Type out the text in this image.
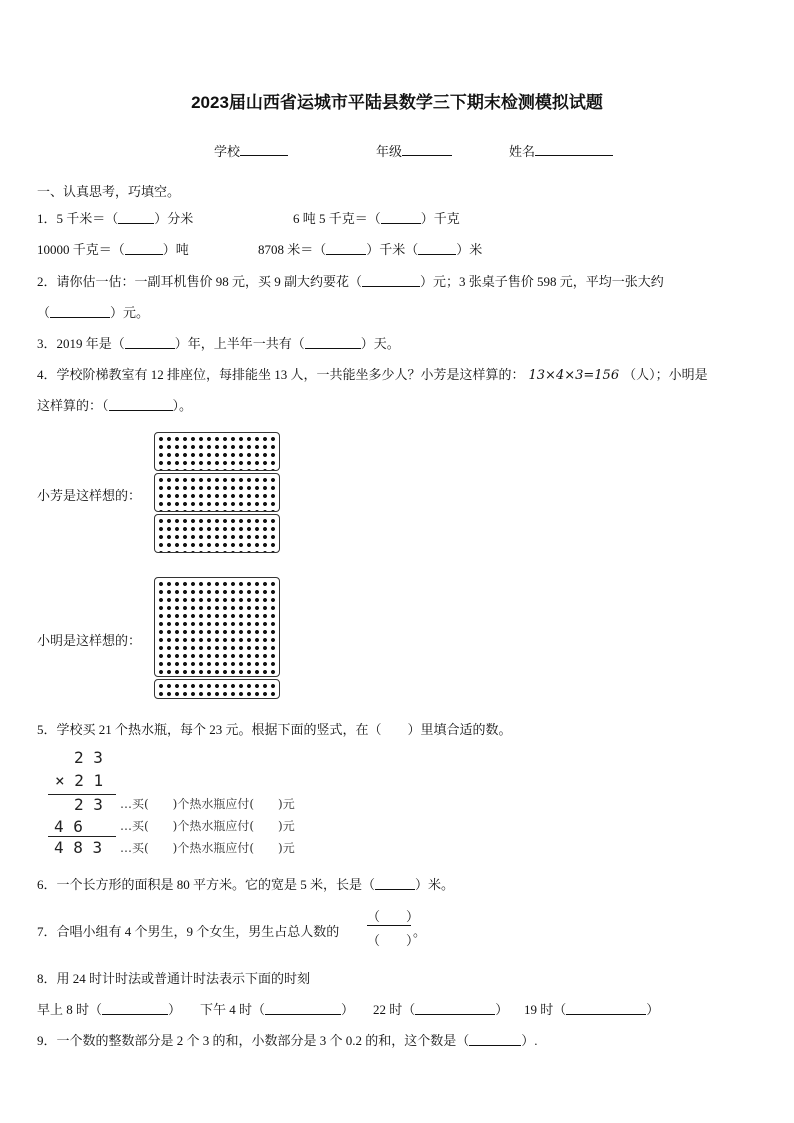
2023届山西省运城市平陆县数学三下期末检测模拟试题
学校	年级	姓名
一、认真思考，巧填空。
1．5 千米＝（	）分米	6 吨 5 千克＝（	）千克
10000 千克＝（	）吨	8708 米＝（	）千米（	）米
2．请你估一估：一副耳机售价 98 元，买 9 副大约要花（	）元；3 张桌子售价 598 元，平均一张大约
（	）元。
3．2019 年是（	）年，上半年一共有（	）天。
4．学校阶梯教室有 12 排座位，每排能坐 13 人，一共能坐多少人？小芳是这样算的： 13×4×3=156 （人）；小明是
这样算的：（	）。
小芳是这样想的：
小明是这样想的：
5．学校买 21 个热水瓶，每个 23 元。根据下面的竖式，在（　　）里填合适的数。
2 3
× 2 1
2 3
4 6
4 8 3
…买(　　)个热水瓶应付(　　)元
…买(　　)个热水瓶应付(　　)元
…买(　　)个热水瓶应付(　　)元
6．一个长方形的面积是 80 平方米。它的宽是 5 米，长是（	）米。
7．合唱小组有 4 个男生，9 个女生，男生占总人数的
（　　）
（　　）
。
8．用 24 时计时法或普通计时法表示下面的时刻
早上 8 时（	） 下午 4 时（	） 22 时（	） 19 时（	）
9．一个数的整数部分是 2 个 3 的和，小数部分是 3 个 0.2 的和，这个数是（	）.
